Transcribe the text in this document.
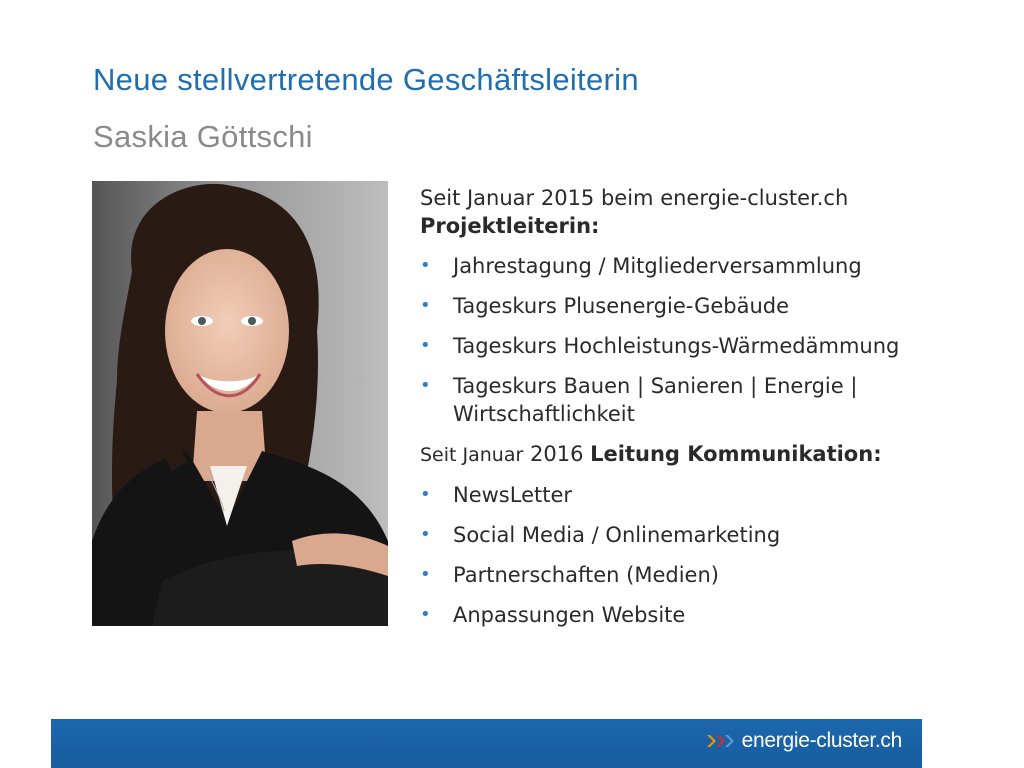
Neue stellvertretende Geschäftsleiterin
Saskia Göttschi
Seit Januar 2015 beim energie-cluster.ch
Projektleiterin:
• Jahrestagung / Mitgliederversammlung
• Tageskurs Plusenergie-Gebäude
• Tageskurs Hochleistungs-Wärmedämmung
• Tageskurs Bauen | Sanieren | Energie | Wirtschaftlichkeit
Seit Januar 2016 Leitung Kommunikation:
• NewsLetter
• Social Media / Onlinemarketing
• Partnerschaften (Medien)
• Anpassungen Website
energie-cluster.ch
